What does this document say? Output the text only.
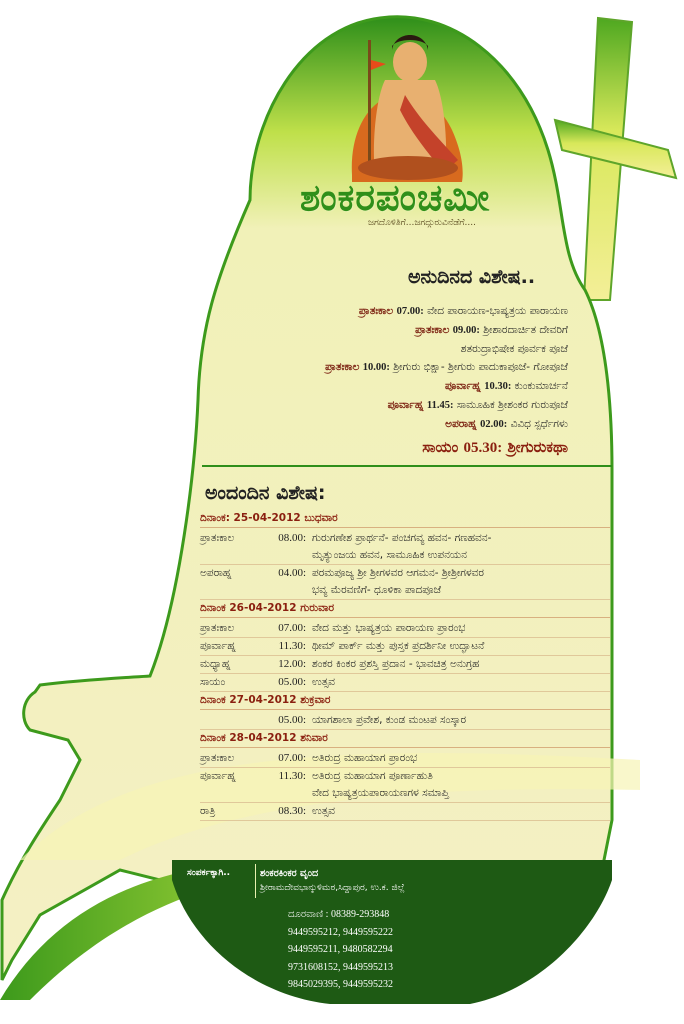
ಶಂಕರಪಂಚಮೀ
ಜಗದೊಳಿತಿಗೆ...ಜಗದ್ಗುರುವಿನೆಡೆಗೆ....
ಅನುದಿನದ ವಿಶೇಷ..
ಪ್ರಾತಃಕಾಲ 07.00: ವೇದ ಪಾರಾಯಣ-ಭಾಷ್ಯತ್ರಯ ಪಾರಾಯಣ
ಪ್ರಾತಃಕಾಲ 09.00: ಶ್ರೀಶಾರದಾರ್ಚಿತ ದೇವರಿಗೆ
ಶತರುದ್ರಾಭಿಷೇಕ ಪೂರ್ವಕ ಪೂಜೆ
ಪ್ರಾತಃಕಾಲ 10.00: ಶ್ರೀಗುರು ಭಿಕ್ಷಾ- ಶ್ರೀಗುರು ಪಾದುಕಾಪೂಜೆ- ಗೋಪೂಜೆ
ಪೂರ್ವಾಹ್ನ 10.30: ಕುಂಕುಮಾರ್ಚನೆ
ಪೂರ್ವಾಹ್ನ 11.45: ಸಾಮೂಹಿಕ ಶ್ರೀಶಂಕರ ಗುರುಪೂಜೆ
ಅಪರಾಹ್ನ 02.00: ವಿವಿಧ ಸ್ಪರ್ಧೆಗಳು
ಸಾಯಂ 05.30: ಶ್ರೀಗುರುಕಥಾ
ಅಂದಂದಿನ ವಿಶೇಷ:
ದಿನಾಂಕ: 25-04-2012 ಬುಧವಾರ
ಪ್ರಾತಃಕಾಲ	08.00: ಗುರುಗಣೇಶ ಪ್ರಾರ್ಥನೆ- ಪಂಚಗವ್ಯ ಹವನ- ಗಣಹವನ-
ಮೃತ್ಯುಂಜಯ ಹವನ, ಸಾಮೂಹಿಕ ಉಪನಯನ
ಅಪರಾಹ್ನ	04.00: ಪರಮಪೂಜ್ಯ ಶ್ರೀ ಶ್ರೀಗಳವರ ಆಗಮನ- ಶ್ರೀಶ್ರೀಗಳವರ
ಭವ್ಯ ಮೆರವಣಿಗೆ- ಧೂಳಿಕಾ ಪಾದಪೂಜೆ
ದಿನಾಂಕ 26-04-2012 ಗುರುವಾರ
ಪ್ರಾತಃಕಾಲ	07.00: ವೇದ ಮತ್ತು ಭಾಷ್ಯತ್ರಯ ಪಾರಾಯಣ ಪ್ರಾರಂಭ
ಪೂರ್ವಾಹ್ನ	11.30: ಥೀಮ್ ಪಾರ್ಕ್ ಮತ್ತು ಪುಸ್ತಕ ಪ್ರದರ್ಶಿನೀ ಉದ್ಘಾಟನೆ
ಮಧ್ಯಾಹ್ನ	12.00: ಶಂಕರ ಕಿಂಕರ ಪ್ರಶಸ್ತಿ ಪ್ರದಾನ - ಭಾವಚಿತ್ರ ಅನುಗ್ರಹ
ಸಾಯಂ	05.00: ಉತ್ಸವ
ದಿನಾಂಕ 27-04-2012 ಶುಕ್ರವಾರ
05.00: ಯಾಗಶಾಲಾ ಪ್ರವೇಶ, ಕುಂಡ ಮಂಟಪ ಸಂಸ್ಕಾರ
ದಿನಾಂಕ 28-04-2012 ಶನಿವಾರ
ಪ್ರಾತಃಕಾಲ	07.00: ಅತಿರುದ್ರ ಮಹಾಯಾಗ ಪ್ರಾರಂಭ
ಪೂರ್ವಾಹ್ನ	11.30: ಅತಿರುದ್ರ ಮಹಾಯಾಗ ಪೂರ್ಣಾಹುತಿ
ವೇದ ಭಾಷ್ಯತ್ರಯಪಾರಾಯಣಗಳ ಸಮಾಪ್ತಿ
ರಾತ್ರಿ	08.30: ಉತ್ಸವ
ಸಂಪರ್ಕಕ್ಕಾಗಿ..	ಶಂಕರಕಿಂಕರ ವೃಂದ
ಶ್ರೀರಾಮದೇವಭಾನ್ಕುಳಿಮಠ,ಸಿದ್ದಾಪುರ, ಉ.ಕ. ಜಿಲ್ಲೆ
ದೂರವಾಣಿ : 08389-293848
9449595212, 9449595222
9449595211, 9480582294
9731608152, 9449595213
9845029395, 9449595232
